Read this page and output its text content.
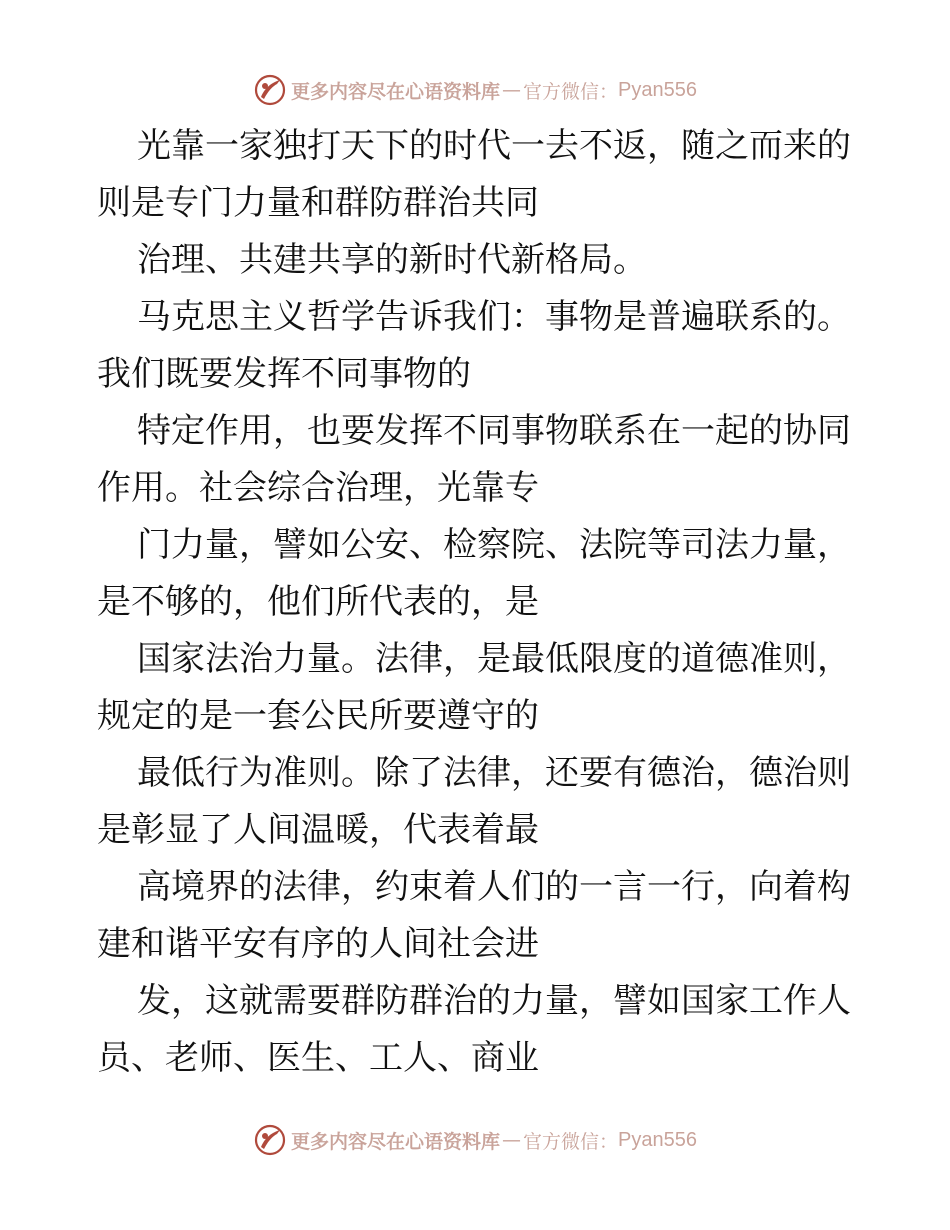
更多内容尽在心语资料库 — 官方微信： Pyan556
光靠一家独打天下的时代一去不返，随之而来的
则是专门力量和群防群治共同
治理、共建共享的新时代新格局。
马克思主义哲学告诉我们：事物是普遍联系的。
我们既要发挥不同事物的
特定作用，也要发挥不同事物联系在一起的协同
作用。社会综合治理，光靠专
门力量，譬如公安、检察院、法院等司法力量，
是不够的，他们所代表的，是
国家法治力量。法律，是最低限度的道德准则，
规定的是一套公民所要遵守的
最低行为准则。除了法律，还要有德治，德治则
是彰显了人间温暖，代表着最
高境界的法律，约束着人们的一言一行，向着构
建和谐平安有序的人间社会进
发，这就需要群防群治的力量，譬如国家工作人
员、老师、医生、工人、商业
更多内容尽在心语资料库 — 官方微信： Pyan556
